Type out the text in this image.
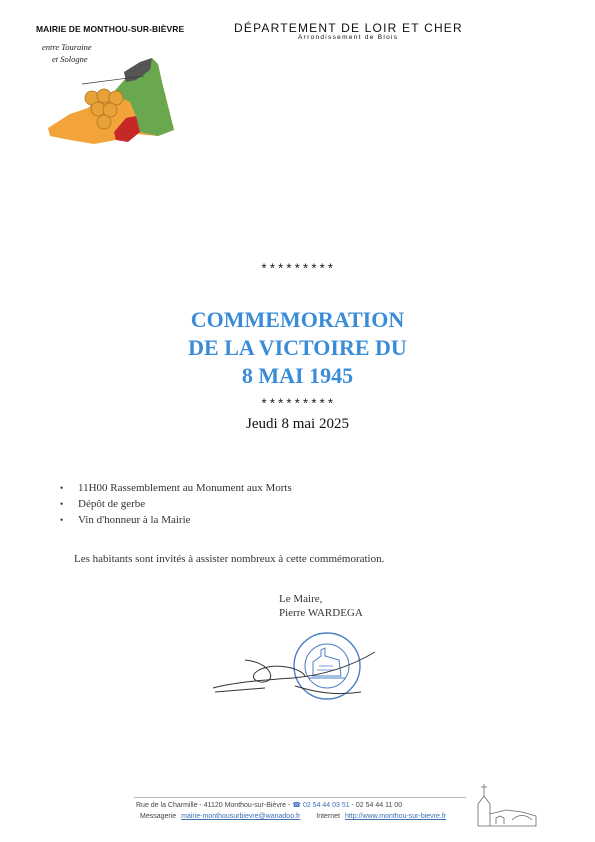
MAIRIE DE MONTHOU-SUR-BIÈVRE
entre Touraine
et Sologne
DÉPARTEMENT DE LOIR ET CHER
Arrondissement de Blois
*********
COMMEMORATION
DE LA VICTOIRE DU
8 MAI 1945
*********
Jeudi 8 mai 2025
• 11H00 Rassemblement au Monument aux Morts
• Dépôt de gerbe
• Vin d'honneur à la Mairie
Les habitants sont invités à assister nombreux à cette commémoration.
Le Maire,
Pierre WARDEGA
Rue de la Charmille - 41120 Monthou-sur-Bièvre - ☎ 02 54 44 03 51 - 02 54 44 11 00
Messagerie mairie-monthousurbievre@wanadoo.fr Internet http://www.monthou-sur-bievre.fr
